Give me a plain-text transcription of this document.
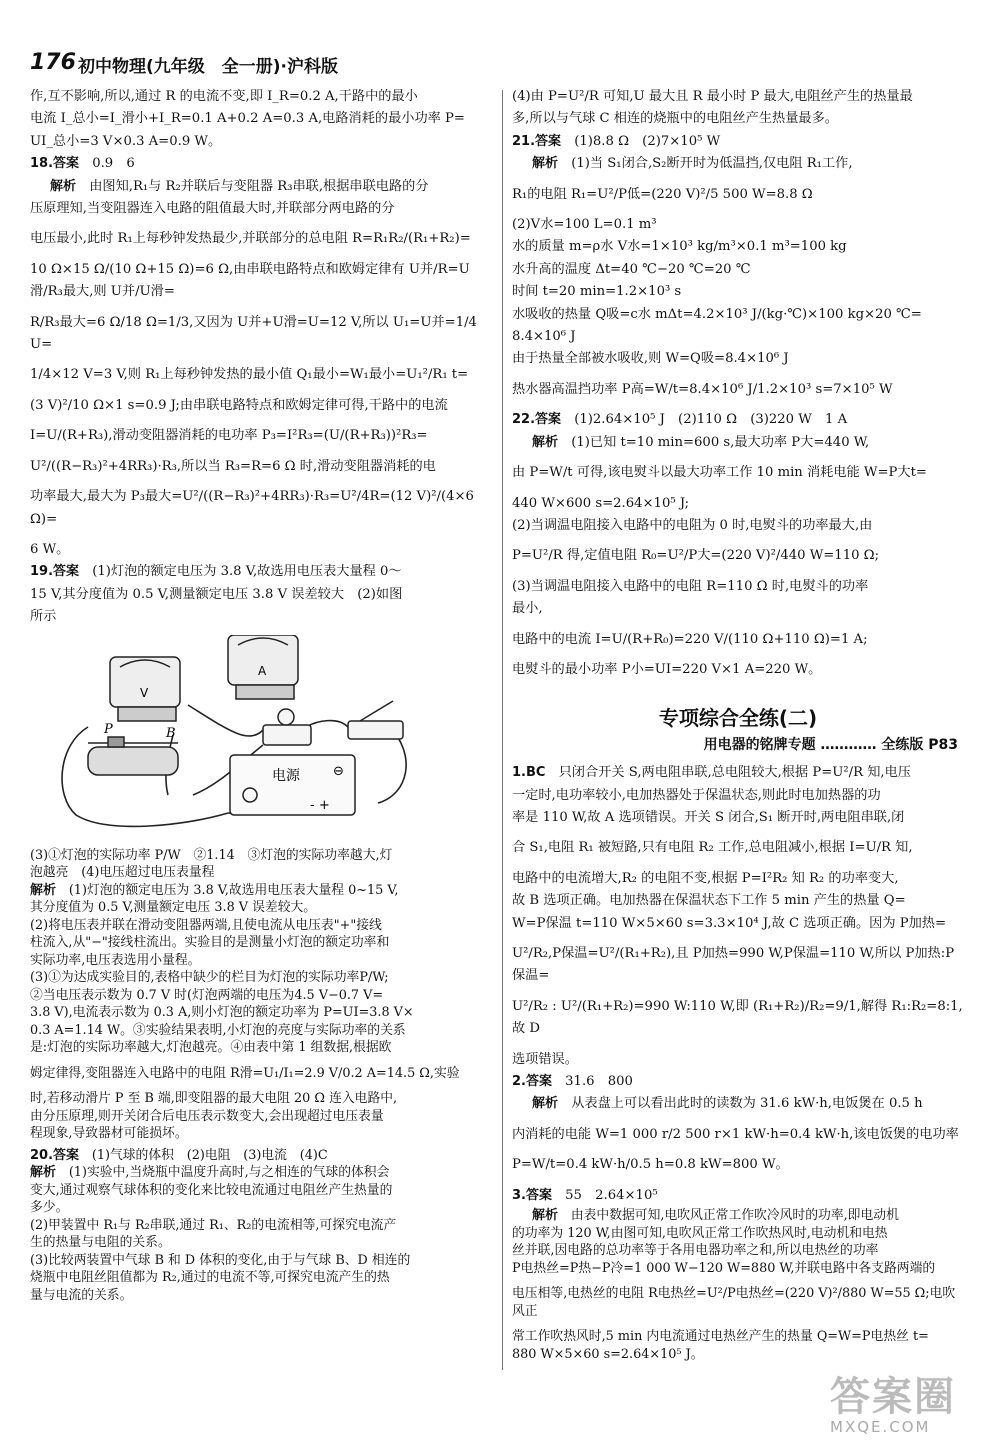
176 初中物理(九年级　全一册)·沪科版

作,互不影响,所以,通过 R 的电流不变,即 I_R=0.2 A,干路中的最小

电流 I_总小=I_滑小+I_R=0.1 A+0.2 A=0.3 A,电路消耗的最小功率 P=

UI_总小=3 V×0.3 A=0.9 W。

18.答案　 0.9　6

解析　 由图知,R₁与 R₂并联后与变阻器 R₃串联,根据串联电路的分

压原理知,当变阻器连入电路的阻值最大时,并联部分两电路的分

电压最小,此时 R₁上每秒钟发热最少,并联部分的总电阻 R=R₁R₂/(R₁+R₂)=

10 Ω×15 Ω/(10 Ω+15 Ω)=6 Ω,由串联电路特点和欧姆定律有 U并/R=U滑/R₃最大,则 U并/U滑=

R/R₃最大=6 Ω/18 Ω=1/3,又因为 U并+U滑=U=12 V,所以 U₁=U并=1/4 U=

1/4×12 V=3 V,则 R₁上每秒钟发热的最小值 Q₁最小=W₁最小=U₁²/R₁ t=

(3 V)²/10 Ω×1 s=0.9 J;由串联电路特点和欧姆定律可得,干路中的电流

I=U/(R+R₃),滑动变阻器消耗的电功率 P₃=I²R₃=(U/(R+R₃))²R₃=

U²/((R−R₃)²+4RR₃)·R₃,所以当 R₃=R=6 Ω 时,滑动变阻器消耗的电

功率最大,最大为 P₃最大=U²/((R−R₃)²+4RR₃)·R₃=U²/4R=(12 V)²/(4×6 Ω)=

6 W。

19.答案　 (1)灯泡的额定电压为 3.8 V,故选用电压表大量程 0～

15 V,其分度值为 0.5 V,测量额定电压 3.8 V 误差较大　(2)如图

所示

V
A
P	B
电源	⊖
- +

(3)①灯泡的实际功率 P/W　②1.14　③灯泡的实际功率越大,灯

泡越亮　(4)电压超过电压表量程

解析　 (1)灯泡的额定电压为 3.8 V,故选用电压表大量程 0~15 V,

其分度值为 0.5 V,测量额定电压 3.8 V 误差较大。

(2)将电压表并联在滑动变阻器两端,且使电流从电压表"+"接线

柱流入,从"−"接线柱流出。实验目的是测量小灯泡的额定功率和

实际功率,电压表选用小量程。

(3)①为达成实验目的,表格中缺少的栏目为灯泡的实际功率P/W;

②当电压表示数为 0.7 V 时(灯泡两端的电压为4.5 V−0.7 V=

3.8 V),电流表示数为 0.3 A,则小灯泡的额定功率为 P=UI=3.8 V×

0.3 A=1.14 W。③实验结果表明,小灯泡的亮度与实际功率的关系

是:灯泡的实际功率越大,灯泡越亮。④由表中第 1 组数据,根据欧

姆定律得,变阻器连入电路中的电阻 R滑=U₁/I₁=2.9 V/0.2 A=14.5 Ω,实验

时,若移动滑片 P 至 B 端,即变阻器的最大电阻 20 Ω 连入电路中,

由分压原理,则开关闭合后电压表示数变大,会出现超过电压表量

程现象,导致器材可能损坏。

20.答案　 (1)气球的体积　(2)电阻　(3)电流　(4)C

解析　 (1)实验中,当烧瓶中温度升高时,与之相连的气球的体积会

变大,通过观察气球体积的变化来比较电流通过电阻丝产生热量的

多少。

(2)甲装置中 R₁与 R₂串联,通过 R₁、R₂的电流相等,可探究电流产

生的热量与电阻的关系。

(3)比较两装置中气球 B 和 D 体积的变化,由于与气球 B、D 相连的

烧瓶中电阻丝阻值都为 R₂,通过的电流不等,可探究电流产生的热

量与电流的关系。

(4)由 P=U²/R 可知,U 最大且 R 最小时 P 最大,电阻丝产生的热量最

多,所以与气球 C 相连的烧瓶中的电阻丝产生热量最多。

21.答案　 (1)8.8 Ω　(2)7×10⁵ W

解析　 (1)当 S₁闭合,S₂断开时为低温挡,仅电阻 R₁工作,

R₁的电阻 R₁=U²/P低=(220 V)²/5 500 W=8.8 Ω

(2)V水=100 L=0.1 m³

水的质量 m=ρ水 V水=1×10³ kg/m³×0.1 m³=100 kg

水升高的温度 Δt=40 ℃−20 ℃=20 ℃

时间 t=20 min=1.2×10³ s

水吸收的热量 Q吸=c水 mΔt=4.2×10³ J/(kg·℃)×100 kg×20 ℃=

8.4×10⁶ J

由于热量全部被水吸收,则 W=Q吸=8.4×10⁶ J

热水器高温挡功率 P高=W/t=8.4×10⁶ J/1.2×10³ s=7×10⁵ W

22.答案　 (1)2.64×10⁵ J　(2)110 Ω　(3)220 W　1 A

解析　 (1)已知 t=10 min=600 s,最大功率 P大=440 W,

由 P=W/t 可得,该电熨斗以最大功率工作 10 min 消耗电能 W=P大t=

440 W×600 s=2.64×10⁵ J;

(2)当调温电阻接入电路中的电阻为 0 时,电熨斗的功率最大,由

P=U²/R 得,定值电阻 R₀=U²/P大=(220 V)²/440 W=110 Ω;

(3)当调温电阻接入电路中的电阻 R=110 Ω 时,电熨斗的功率

最小,

电路中的电流 I=U/(R+R₀)=220 V/(110 Ω+110 Ω)=1 A;

电熨斗的最小功率 P小=UI=220 V×1 A=220 W。

专项综合全练(二)
用电器的铭牌专题 ………… 全练版 P83

1.BC　 只闭合开关 S,两电阻串联,总电阻较大,根据 P=U²/R 知,电压

一定时,电功率较小,电加热器处于保温状态,则此时电加热器的功

率是 110 W,故 A 选项错误。开关 S 闭合,S₁ 断开时,两电阻串联,闭

合 S₁,电阻 R₁ 被短路,只有电阻 R₂ 工作,总电阻减小,根据 I=U/R 知,

电路中的电流增大,R₂ 的电阻不变,根据 P=I²R₂ 知 R₂ 的功率变大,

故 B 选项正确。电加热器在保温状态下工作 5 min 产生的热量 Q=

W=P保温 t=110 W×5×60 s=3.3×10⁴ J,故 C 选项正确。因为 P加热=

U²/R₂,P保温=U²/(R₁+R₂),且 P加热=990 W,P保温=110 W,所以 P加热:P保温=

U²/R₂ : U²/(R₁+R₂)=990 W:110 W,即 (R₁+R₂)/R₂=9/1,解得 R₁:R₂=8:1,故 D

选项错误。

2.答案　 31.6　800

解析　 从表盘上可以看出此时的读数为 31.6 kW·h,电饭煲在 0.5 h

内消耗的电能 W=1 000 r/2 500 r×1 kW·h=0.4 kW·h,该电饭煲的电功率

P=W/t=0.4 kW·h/0.5 h=0.8 kW=800 W。

3.答案　 55　2.64×10⁵

解析　 由表中数据可知,电吹风正常工作吹冷风时的功率,即电动机

的功率为 120 W,由图可知,电吹风正常工作吹热风时,电动机和电热

丝并联,因电路的总功率等于各用电器功率之和,所以电热丝的功率

P电热丝=P热−P冷=1 000 W−120 W=880 W,并联电路中各支路两端的

电压相等,电热丝的电阻 R电热丝=U²/P电热丝=(220 V)²/880 W=55 Ω;电吹风正

常工作吹热风时,5 min 内电流通过电热丝产生的热量 Q=W=P电热丝 t=

880 W×5×60 s=2.64×10⁵ J。

答案圈
MXQE.COM
